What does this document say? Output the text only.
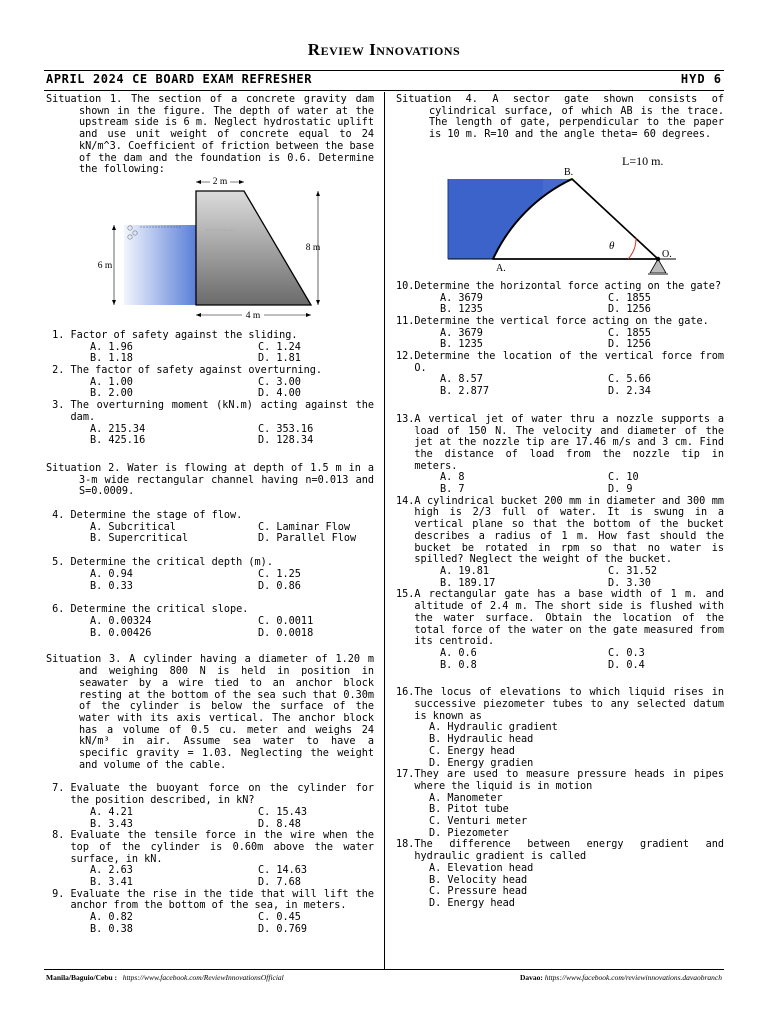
Review Innovations
APRIL 2024 CE BOARD EXAM REFRESHER	HYD 6
Situation 1. The section of a concrete gravity dam shown in the figure. The depth of water at the upstream side is 6 m. Neglect hydrostatic uplift and use unit weight of concrete equal to 24 kN/m^3. Coefficient of friction between the base of the dam and the foundation is 0.6. Determine the following:
2 m
6 m
8 m
4 m
1. Factor of safety against the sliding.
A. 1.96	C. 1.24
B. 1.18	D. 1.81
2. The factor of safety against overturning.
A. 1.00	C. 3.00
B. 2.00	D. 4.00
3. The overturning moment (kN.m) acting against the dam.
A. 215.34	C. 353.16
B. 425.16	D. 128.34
Situation 2. Water is flowing at depth of 1.5 m in a 3-m wide rectangular channel having n=0.013 and S=0.0009.
4. Determine the stage of flow.
A. Subcritical	C. Laminar Flow
B. Supercritical	D. Parallel Flow
5. Determine the critical depth (m).
A. 0.94	C. 1.25
B. 0.33	D. 0.86
6. Determine the critical slope.
A. 0.00324	C. 0.0011
B. 0.00426	D. 0.0018
Situation 3. A cylinder having a diameter of 1.20 m and weighing 800 N is held in position in seawater by a wire tied to an anchor block resting at the bottom of the sea such that 0.30m of the cylinder is below the surface of the water with its axis vertical. The anchor block has a volume of 0.5 cu. meter and weighs 24 kN/m³ in air. Assume sea water to have a specific gravity = 1.03. Neglecting the weight and volume of the cable.
7. Evaluate the buoyant force on the cylinder for the position described, in kN?
A. 4.21	C. 15.43
B. 3.43	D. 8.48
8. Evaluate the tensile force in the wire when the top of the cylinder is 0.60m above the water surface, in kN.
A. 2.63	C. 14.63
B. 3.41	D. 7.68
9. Evaluate the rise in the tide that will lift the anchor from the bottom of the sea, in meters.
A. 0.82	C. 0.45
B. 0.38	D. 0.769
Situation 4. A sector gate shown consists of cylindrical surface, of which AB is the trace. The length of gate, perpendicular to the paper is 10 m. R=10 and the angle theta= 60 degrees.
θ
O.
B.
A.
L=10 m.
10. Determine the horizontal force acting on the gate?
A. 3679	C. 1855
B. 1235	D. 1256
11. Determine the vertical force acting on the gate.
A. 3679	C. 1855
B. 1235	D. 1256
12. Determine the location of the vertical force from O.
A. 8.57	C. 5.66
B. 2.877	D. 2.34
13. A vertical jet of water thru a nozzle supports a load of 150 N. The velocity and diameter of the jet at the nozzle tip are 17.46 m/s and 3 cm. Find the distance of load from the nozzle tip in meters.
A. 8	C. 10
B. 7	D. 9
14. A cylindrical bucket 200 mm in diameter and 300 mm high is 2/3 full of water. It is swung in a vertical plane so that the bottom of the bucket describes a radius of 1 m. How fast should the bucket be rotated in rpm so that no water is spilled? Neglect the weight of the bucket.
A. 19.81	C. 31.52
B. 189.17	D. 3.30
15. A rectangular gate has a base width of 1 m. and altitude of 2.4 m. The short side is flushed with the water surface. Obtain the location of the total force of the water on the gate measured from its centroid.
A. 0.6	C. 0.3
B. 0.8	D. 0.4
16. The locus of elevations to which liquid rises in successive piezometer tubes to any selected datum is known as
A. Hydraulic gradient
B. Hydraulic head
C. Energy head
D. Energy gradien
17. They are used to measure pressure heads in pipes where the liquid is in motion
A. Manometer
B. Pitot tube
C. Venturi meter
D. Piezometer
18. The difference between energy gradient and hydraulic gradient is called
A. Elevation head
B. Velocity head
C. Pressure head
D. Energy head
Manila/Baguio/Cebu : https://www.facebook.com/ReviewInnovationsOfficial	Davao: https://www.facebook.com/reviewinnovations.davaobranch
